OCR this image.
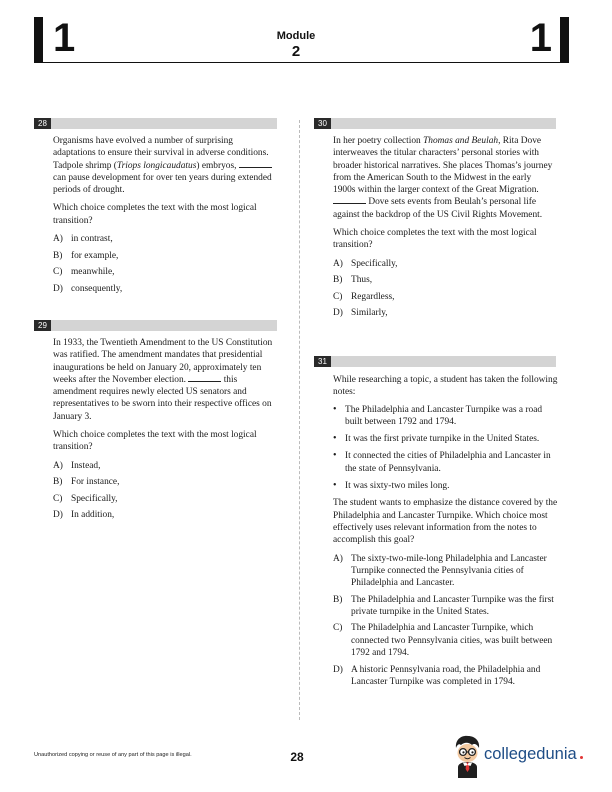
1	Module
2	1
28

Organisms have evolved a number of surprising adaptations to ensure their survival in adverse conditions. Tadpole shrimp (Triops longicaudatus) embryos,  can pause development for over ten years during extended periods of drought.

Which choice completes the text with the most logical transition?

A) in contrast,
B) for example,
C) meanwhile,
D) consequently,
29

In 1933, the Twentieth Amendment to the US Constitution was ratified. The amendment mandates that presidential inaugurations be held on January 20, approximately ten weeks after the November election.	this amendment requires newly elected US senators and representatives to be sworn into their respective offices on January 3.

Which choice completes the text with the most logical transition?

A) Instead,
B) For instance,
C) Specifically,
D) In addition,
30

In her poetry collection Thomas and Beulah, Rita Dove interweaves the titular characters’ personal stories with broader historical narratives. She places Thomas’s journey from the American South to the Midwest in the early 1900s within the larger context of the Great Migration.  Dove sets events from Beulah’s personal life against the backdrop of the US Civil Rights Movement.

Which choice completes the text with the most logical transition?

A) Specifically,
B) Thus,
C) Regardless,
D) Similarly,
31

While researching a topic, a student has taken the following notes:

• The Philadelphia and Lancaster Turnpike was a road built between 1792 and 1794.
• It was the first private turnpike in the United States.
• It connected the cities of Philadelphia and Lancaster in the state of Pennsylvania.
• It was sixty-two miles long.

The student wants to emphasize the distance covered by the Philadelphia and Lancaster Turnpike. Which choice most effectively uses relevant information from the notes to accomplish this goal?

A) The sixty-two-mile-long Philadelphia and Lancaster Turnpike connected the Pennsylvania cities of Philadelphia and Lancaster.
B) The Philadelphia and Lancaster Turnpike was the first private turnpike in the United States.
C) The Philadelphia and Lancaster Turnpike, which connected two Pennsylvania cities, was built between 1792 and 1794.
D) A historic Pennsylvania road, the Philadelphia and Lancaster Turnpike was completed in 1794.
Unauthorized copying or reuse of any part of this page is illegal.	28	collegedunia
